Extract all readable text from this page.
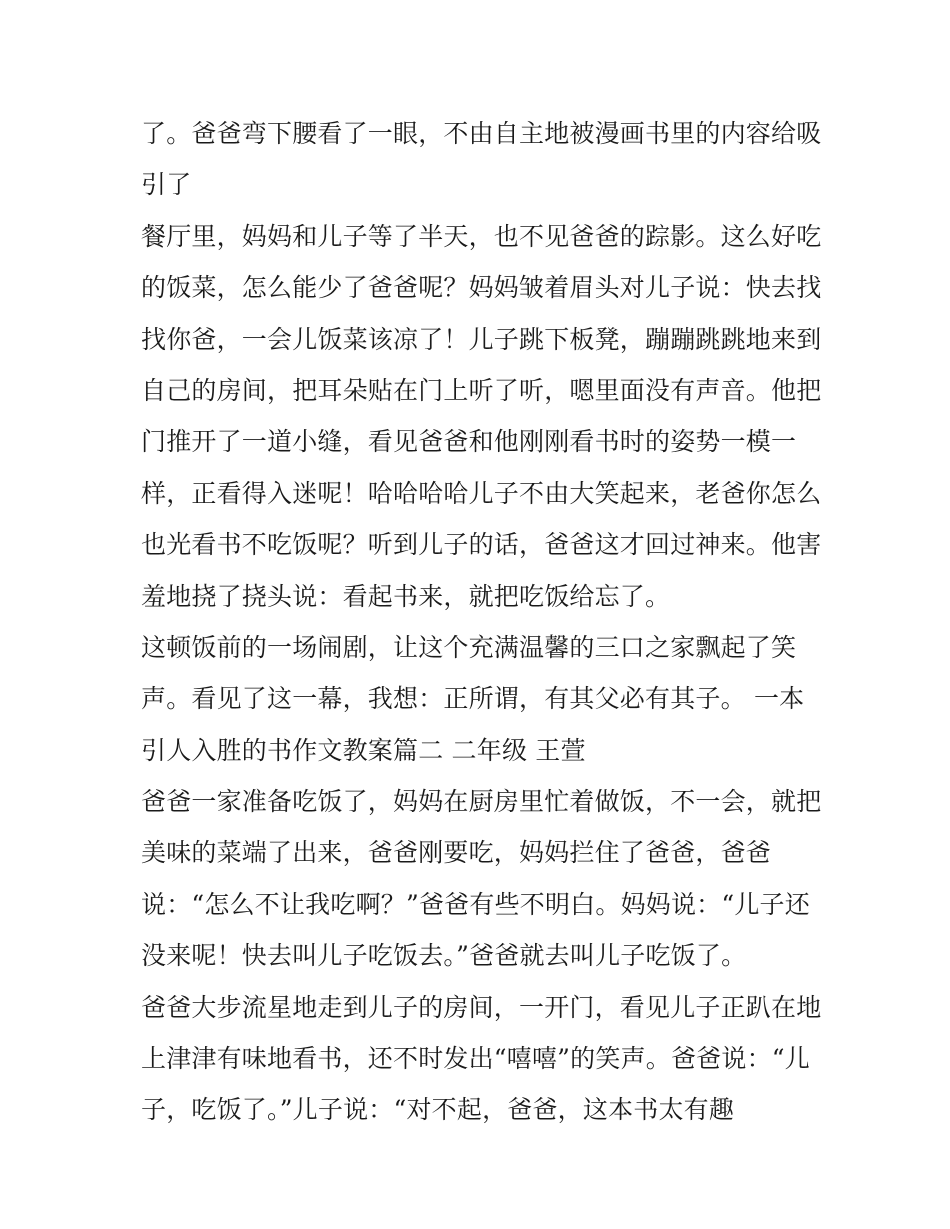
了。爸爸弯下腰看了一眼，不由自主地被漫画书里的内容给吸
引了
餐厅里，妈妈和儿子等了半天，也不见爸爸的踪影。这么好吃
的饭菜，怎么能少了爸爸呢？妈妈皱着眉头对儿子说：快去找
找你爸，一会儿饭菜该凉了！儿子跳下板凳，蹦蹦跳跳地来到
自己的房间，把耳朵贴在门上听了听，嗯里面没有声音。他把
门推开了一道小缝，看见爸爸和他刚刚看书时的姿势一模一
样，正看得入迷呢！哈哈哈哈儿子不由大笑起来，老爸你怎么
也光看书不吃饭呢？听到儿子的话，爸爸这才回过神来。他害
羞地挠了挠头说：看起书来，就把吃饭给忘了。
这顿饭前的一场闹剧，让这个充满温馨的三口之家飘起了笑
声。看见了这一幕，我想：正所谓，有其父必有其子。 一本
引人入胜的书作文教案篇二 二年级 王萱
爸爸一家准备吃饭了，妈妈在厨房里忙着做饭，不一会，就把
美味的菜端了出来，爸爸刚要吃，妈妈拦住了爸爸，爸爸
说：“怎么不让我吃啊？”爸爸有些不明白。妈妈说：“儿子还
没来呢！快去叫儿子吃饭去。”爸爸就去叫儿子吃饭了。
爸爸大步流星地走到儿子的房间，一开门，看见儿子正趴在地
上津津有味地看书，还不时发出“嘻嘻”的笑声。爸爸说：“儿
子，吃饭了。”儿子说：“对不起，爸爸，这本书太有趣
